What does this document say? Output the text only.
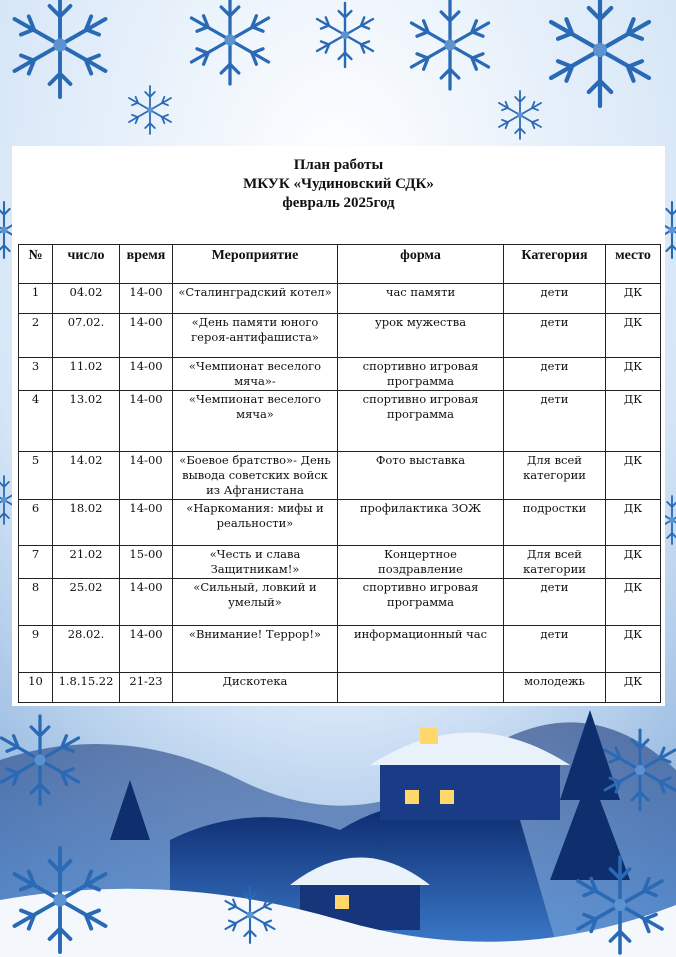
План работы
МКУК «Чудиновский СДК»
февраль 2025год
№	число	время	Мероприятие	форма	Категория	место
1	04.02	14-00	«Сталинградский котел»	час памяти	дети	ДК
2	07.02.	14-00	«День памяти юного героя-антифашиста»	урок мужества	дети	ДК
3	11.02	14-00	«Чемпионат веселого мяча»-	спортивно игровая программа	дети	ДК
4	13.02	14-00	«Чемпионат веселого мяча»	спортивно игровая программа	дети	ДК
5	14.02	14-00	«Боевое братство»- День вывода советских войск из Афганистана	Фото выставка	Для всей категории	ДК
6	18.02	14-00	«Наркомания: мифы и реальности»	профилактика ЗОЖ	подростки	ДК
7	21.02	15-00	«Честь и слава Защитникам!»	Концертное поздравление	Для всей категории	ДК
8	25.02	14-00	«Сильный, ловкий и умелый»	спортивно игровая программа	дети	ДК
9	28.02.	14-00	«Внимание! Террор!»	информационный час	дети	ДК
10	1.8.15.22	21-23	Дискотека		молодежь	ДК
